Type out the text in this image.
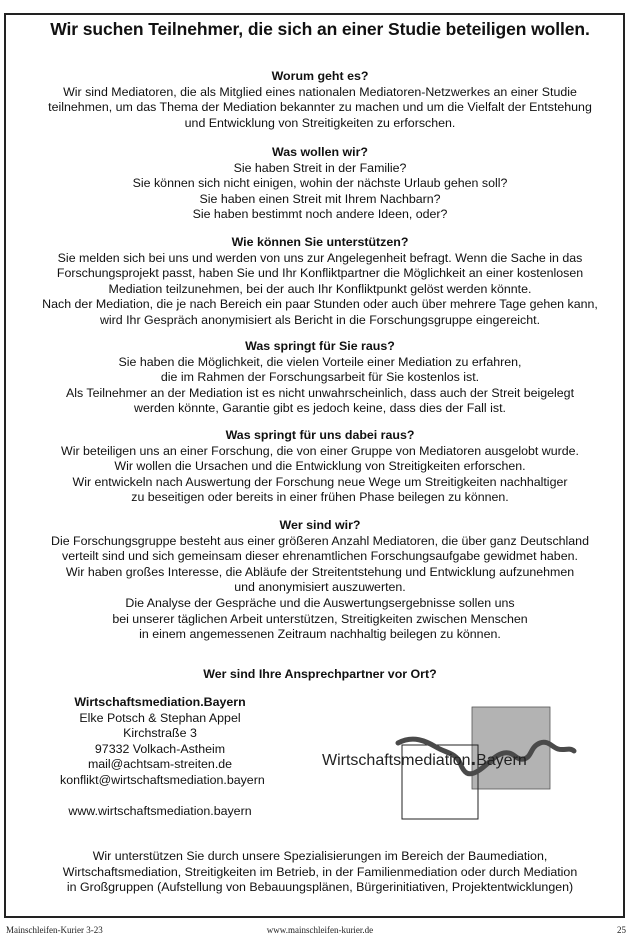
Wir suchen Teilnehmer, die sich an einer Studie beteiligen wollen.
Worum geht es?

Wir sind Mediatoren, die als Mitglied eines nationalen Mediatoren-Netzwerkes an einer Studie

teilnehmen, um das Thema der Mediation bekannter zu machen und um die Vielfalt der Entstehung

und Entwicklung von Streitigkeiten zu erforschen.

Was wollen wir?

Sie haben Streit in der Familie?

Sie können sich nicht einigen, wohin der nächste Urlaub gehen soll?

Sie haben einen Streit mit Ihrem Nachbarn?

Sie haben bestimmt noch andere Ideen, oder?

Wie können Sie unterstützen?

Sie melden sich bei uns und werden von uns zur Angelegenheit befragt. Wenn die Sache in das

Forschungsprojekt passt, haben Sie und Ihr Konfliktpartner die Möglichkeit an einer kostenlosen

Mediation teilzunehmen, bei der auch Ihr Konfliktpunkt gelöst werden könnte.

Nach der Mediation, die je nach Bereich ein paar Stunden oder auch über mehrere Tage gehen kann,

wird Ihr Gespräch anonymisiert als Bericht in die Forschungsgruppe eingereicht.

Was springt für Sie raus?

Sie haben die Möglichkeit, die vielen Vorteile einer Mediation zu erfahren,

die im Rahmen der Forschungsarbeit für Sie kostenlos ist.

Als Teilnehmer an der Mediation ist es nicht unwahrscheinlich, dass auch der Streit beigelegt

werden könnte, Garantie gibt es jedoch keine, dass dies der Fall ist.

Was springt für uns dabei raus?

Wir beteiligen uns an einer Forschung, die von einer Gruppe von Mediatoren ausgelobt wurde.

Wir wollen die Ursachen und die Entwicklung von Streitigkeiten erforschen.

Wir entwickeln nach Auswertung der Forschung neue Wege um Streitigkeiten nachhaltiger

zu beseitigen oder bereits in einer frühen Phase beilegen zu können.

Wer sind wir?

Die Forschungsgruppe besteht aus einer größeren Anzahl Mediatoren, die über ganz Deutschland

verteilt sind und sich gemeinsam dieser ehrenamtlichen Forschungsaufgabe gewidmet haben.

Wir haben großes Interesse, die Abläufe der Streitentstehung und Entwicklung aufzunehmen

und anonymisiert auszuwerten.

Die Analyse der Gespräche und die Auswertungsergebnisse sollen uns

bei unserer täglichen Arbeit unterstützen, Streitigkeiten zwischen Menschen

in einem angemessenen Zeitraum nachhaltig beilegen zu können.

Wer sind Ihre Ansprechpartner vor Ort?
Wirtschaftsmediation.Bayern
Elke Potsch & Stephan Appel
Kirchstraße 3
97332 Volkach-Astheim
mail@achtsam-streiten.de
konflikt@wirtschaftsmediation.bayern
www.wirtschaftsmediation.bayern
Wirtschaftsmediation.Bayern
Wir unterstützen Sie durch unsere Spezialisierungen im Bereich der Baumediation,
Wirtschaftsmediation, Streitigkeiten im Betrieb, in der Familienmediation oder durch Mediation
in Großgruppen (Aufstellung von Bebauungsplänen, Bürgerinitiativen, Projektentwicklungen)
Mainschleifen-Kurier 3-23	www.mainschleifen-kurier.de	25
